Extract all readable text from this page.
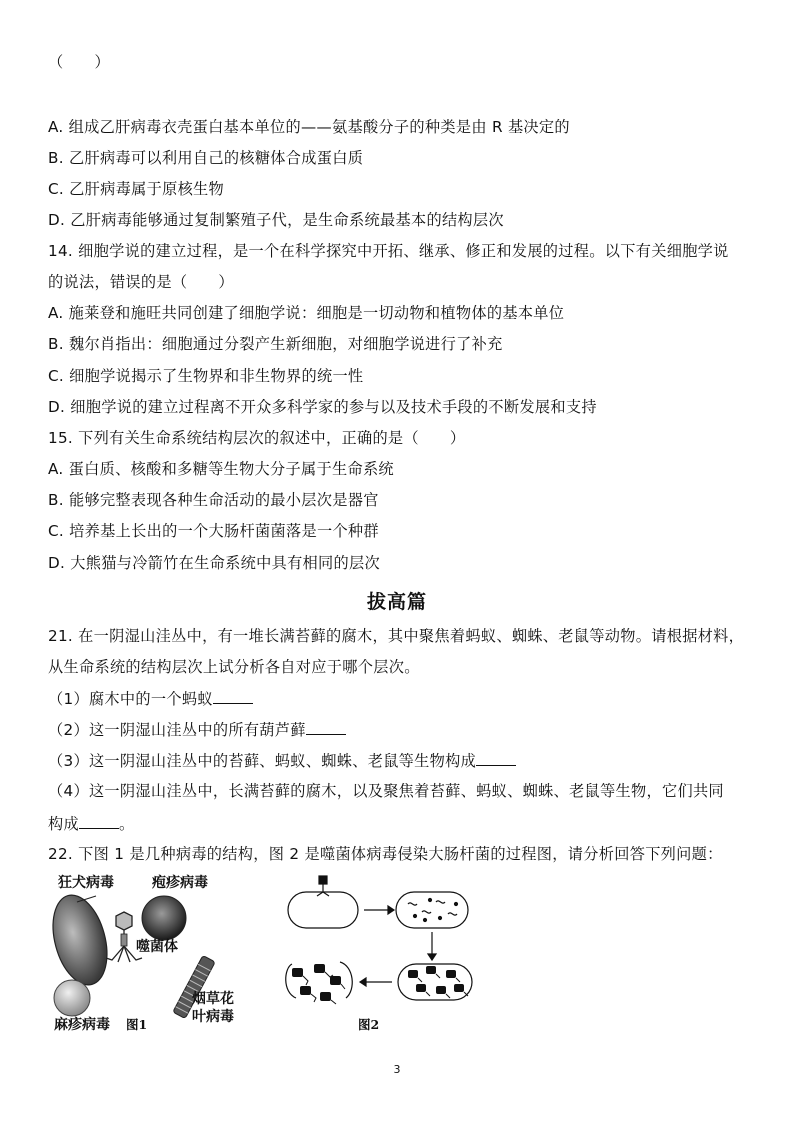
（　　）
A. 组成乙肝病毒衣壳蛋白基本单位的——氨基酸分子的种类是由 R 基决定的
B. 乙肝病毒可以利用自己的核糖体合成蛋白质
C. 乙肝病毒属于原核生物
D. 乙肝病毒能够通过复制繁殖子代，是生命系统最基本的结构层次
14. 细胞学说的建立过程，是一个在科学探究中开拓、继承、修正和发展的过程。以下有关细胞学说
的说法，错误的是（　　）
A. 施莱登和施旺共同创建了细胞学说：细胞是一切动物和植物体的基本单位
B. 魏尔肖指出：细胞通过分裂产生新细胞，对细胞学说进行了补充
C. 细胞学说揭示了生物界和非生物界的统一性
D. 细胞学说的建立过程离不开众多科学家的参与以及技术手段的不断发展和支持
15. 下列有关生命系统结构层次的叙述中，正确的是（　　）
A. 蛋白质、核酸和多糖等生物大分子属于生命系统
B. 能够完整表现各种生命活动的最小层次是器官
C. 培养基上长出的一个大肠杆菌菌落是一个种群
D. 大熊猫与冷箭竹在生命系统中具有相同的层次
拔高篇
21. 在一阴湿山洼丛中，有一堆长满苔藓的腐木，其中聚焦着蚂蚁、蜘蛛、老鼠等动物。请根据材料，
从生命系统的结构层次上试分析各自对应于哪个层次。
（1）腐木中的一个蚂蚁
（2）这一阴湿山洼丛中的所有葫芦藓
（3）这一阴湿山洼丛中的苔藓、蚂蚁、蜘蛛、老鼠等生物构成
（4）这一阴湿山洼丛中，长满苔藓的腐木，以及聚焦着苔藓、蚂蚁、蜘蛛、老鼠等生物，它们共同
构成	。
22. 下图 1 是几种病毒的结构，图 2 是噬菌体病毒侵染大肠杆菌的过程图，请分析回答下列问题：
狂犬病毒	疱疹病毒
噬菌体
麻疹病毒
烟草花
叶病毒
图1	图2
3
